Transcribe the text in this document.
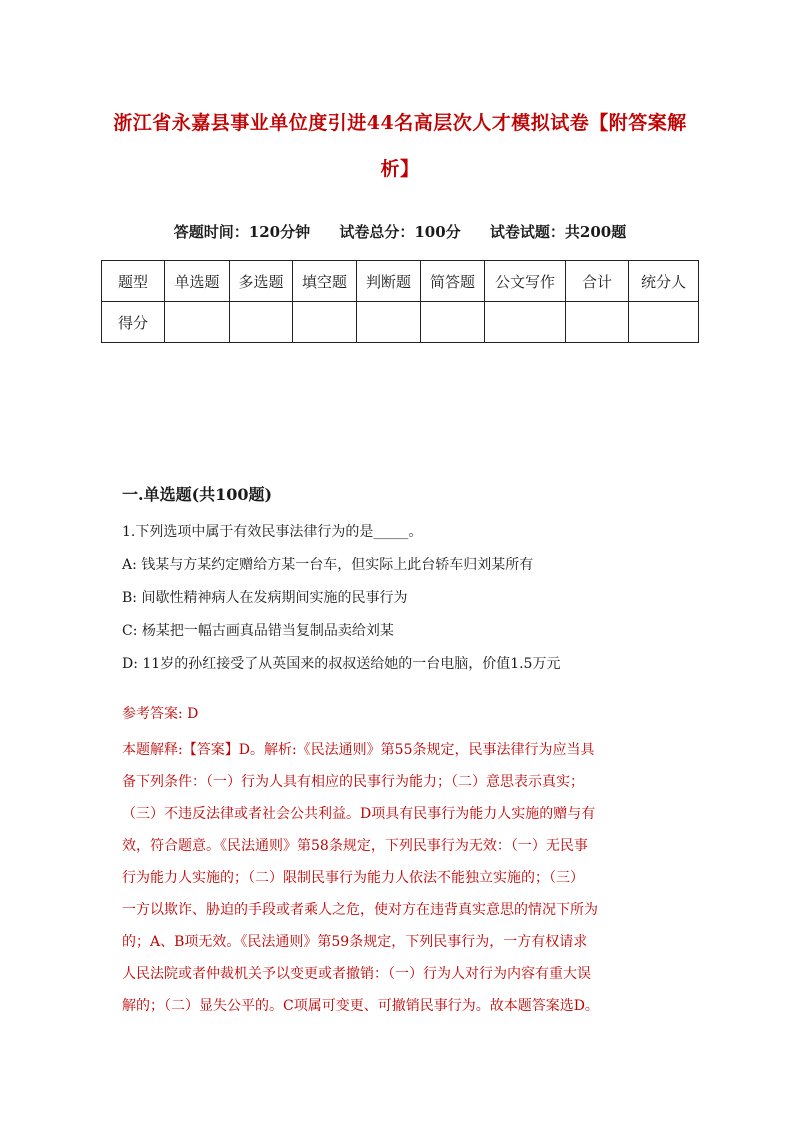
浙江省永嘉县事业单位度引进44名高层次人才模拟试卷【附答案解
析】
答题时间：120分钟 试卷总分：100分 试卷试题：共200题
题型	单选题	多选题	填空题	判断题	简答题	公文写作	合计	统分人
得分								
一.单选题(共100题)
1.下列选项中属于有效民事法律行为的是_____。
A: 钱某与方某约定赠给方某一台车，但实际上此台轿车归刘某所有
B: 间歇性精神病人在发病期间实施的民事行为
C: 杨某把一幅古画真品错当复制品卖给刘某
D: 11岁的孙红接受了从英国来的叔叔送给她的一台电脑，价值1.5万元
参考答案: D
本题解释:【答案】D。解析:《民法通则》第55条规定，民事法律行为应当具
备下列条件：（一）行为人具有相应的民事行为能力；（二）意思表示真实；
（三）不违反法律或者社会公共利益。D项具有民事行为能力人实施的赠与有
效，符合题意。《民法通则》第58条规定，下列民事行为无效：（一）无民事
行为能力人实施的；（二）限制民事行为能力人依法不能独立实施的；（三）
一方以欺诈、胁迫的手段或者乘人之危，使对方在违背真实意思的情况下所为
的；A、B项无效。《民法通则》第59条规定，下列民事行为，一方有权请求
人民法院或者仲裁机关予以变更或者撤销：（一）行为人对行为内容有重大误
解的；（二）显失公平的。C项属可变更、可撤销民事行为。故本题答案选D。
